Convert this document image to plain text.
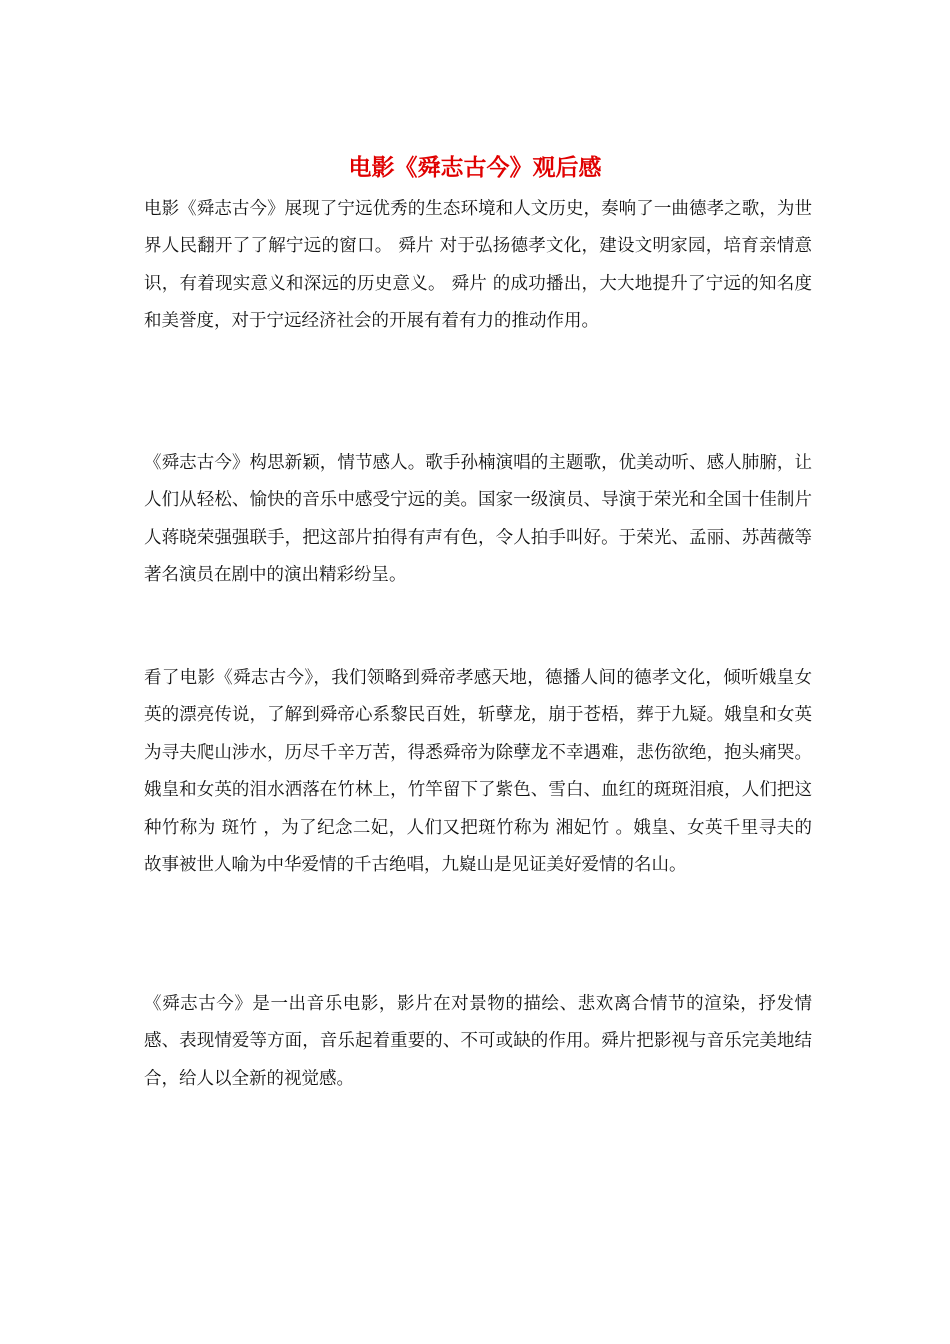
电影《舜志古今》观后感

电影《舜志古今》展现了宁远优秀的生态环境和人文历史，奏响了一曲德孝之歌，为世界人民翻开了了解宁远的窗口。 舜片 对于弘扬德孝文化，建设文明家园，培育亲情意识，有着现实意义和深远的历史意义。 舜片 的成功播出，大大地提升了宁远的知名度和美誉度，对于宁远经济社会的开展有着有力的推动作用。

《舜志古今》构思新颖，情节感人。歌手孙楠演唱的主题歌，优美动听、感人肺腑，让人们从轻松、愉快的音乐中感受宁远的美。国家一级演员、导演于荣光和全国十佳制片人蒋晓荣强强联手，把这部片拍得有声有色，令人拍手叫好。于荣光、孟丽、苏茜薇等著名演员在剧中的演出精彩纷呈。

看了电影《舜志古今》，我们领略到舜帝孝感天地，德播人间的德孝文化，倾听娥皇女英的漂亮传说，了解到舜帝心系黎民百姓，斩孽龙，崩于苍梧，葬于九疑。娥皇和女英为寻夫爬山涉水，历尽千辛万苦，得悉舜帝为除孽龙不幸遇难，悲伤欲绝，抱头痛哭。娥皇和女英的泪水洒落在竹林上，竹竿留下了紫色、雪白、血红的斑斑泪痕，人们把这种竹称为 斑竹 ，为了纪念二妃，人们又把斑竹称为 湘妃竹 。娥皇、女英千里寻夫的故事被世人喻为中华爱情的千古绝唱，九嶷山是见证美好爱情的名山。

《舜志古今》是一出音乐电影，影片在对景物的描绘、悲欢离合情节的渲染，抒发情感、表现情爱等方面，音乐起着重要的、不可或缺的作用。舜片把影视与音乐完美地结合，给人以全新的视觉感。
